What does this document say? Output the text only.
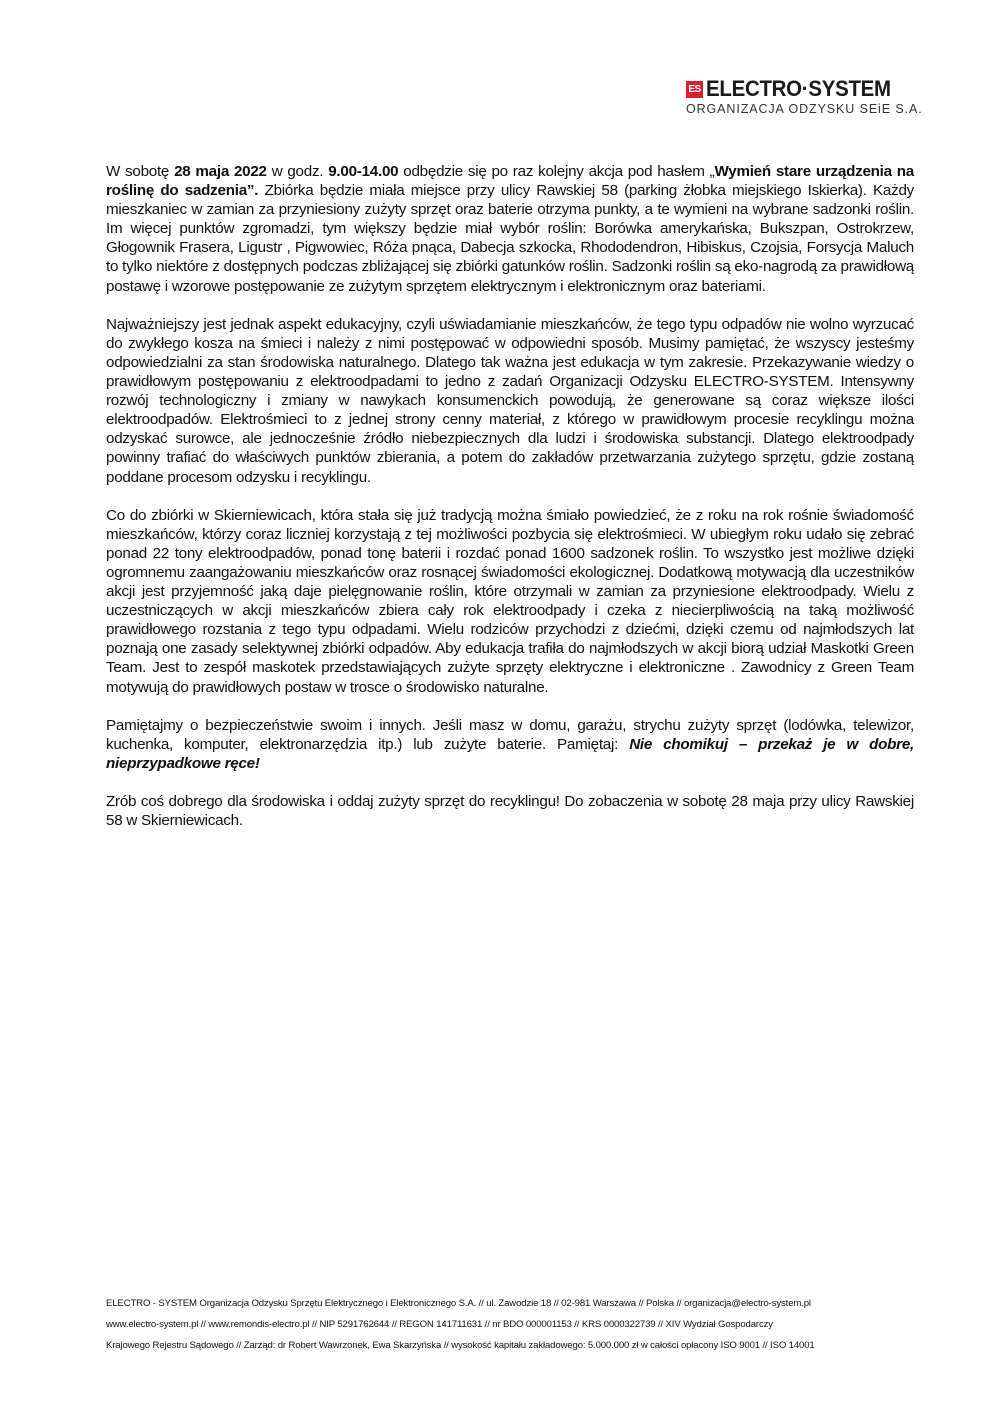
ES ELECTRO·SYSTEM
ORGANIZACJA ODZYSKU SEiE S.A.

W sobotę 28 maja 2022 w godz. 9.00-14.00 odbędzie się po raz kolejny akcja pod hasłem „Wymień stare urządzenia na roślinę do sadzenia”. Zbiórka będzie miała miejsce przy ulicy Rawskiej 58 (parking żłobka miejskiego Iskierka). Każdy mieszkaniec w zamian za przyniesiony zużyty sprzęt oraz baterie otrzyma punkty, a te wymieni na wybrane sadzonki roślin. Im więcej punktów zgromadzi, tym większy będzie miał wybór roślin: Borówka amerykańska, Bukszpan, Ostrokrzew, Głogownik Frasera, Ligustr , Pigwowiec, Róża pnąca, Dabecja szkocka, Rhododendron, Hibiskus, Czojsia, Forsycja Maluch to tylko niektóre z dostępnych podczas zbliżającej się zbiórki gatunków roślin. Sadzonki roślin są eko-nagrodą za prawidłową postawę i wzorowe postępowanie ze zużytym sprzętem elektrycznym i elektronicznym oraz bateriami.

Najważniejszy jest jednak aspekt edukacyjny, czyli uświadamianie mieszkańców, że tego typu odpadów nie wolno wyrzucać do zwykłego kosza na śmieci i należy z nimi postępować w odpowiedni sposób. Musimy pamiętać, że wszyscy jesteśmy odpowiedzialni za stan środowiska naturalnego. Dlatego tak ważna jest edukacja w tym zakresie. Przekazywanie wiedzy o prawidłowym postępowaniu z elektroodpadami to jedno z zadań Organizacji Odzysku ELECTRO-SYSTEM. Intensywny rozwój technologiczny i zmiany w nawykach konsumenckich powodują, że generowane są coraz większe ilości elektroodpadów. Elektrośmieci to z jednej strony cenny materiał, z którego w prawidłowym procesie recyklingu można odzyskać surowce, ale jednocześnie źródło niebezpiecznych dla ludzi i środowiska substancji. Dlatego elektroodpady powinny trafiać do właściwych punktów zbierania, a potem do zakładów przetwarzania zużytego sprzętu, gdzie zostaną poddane procesom odzysku i recyklingu.

Co do zbiórki w Skierniewicach, która stała się już tradycją można śmiało powiedzieć, że z roku na rok rośnie świadomość mieszkańców, którzy coraz liczniej korzystają z tej możliwości pozbycia się elektrośmieci. W ubiegłym roku udało się zebrać ponad 22 tony elektroodpadów, ponad tonę baterii i rozdać ponad 1600 sadzonek roślin. To wszystko jest możliwe dzięki ogromnemu zaangażowaniu mieszkańców oraz rosnącej świadomości ekologicznej. Dodatkową motywacją dla uczestników akcji jest przyjemność jaką daje pielęgnowanie roślin, które otrzymali w zamian za przyniesione elektroodpady. Wielu z uczestniczących w akcji mieszkańców zbiera cały rok elektroodpady i czeka z niecierpliwością na taką możliwość prawidłowego rozstania z tego typu odpadami. Wielu rodziców przychodzi z dziećmi, dzięki czemu od najmłodszych lat poznają one zasady selektywnej zbiórki odpadów. Aby edukacja trafiła do najmłodszych w akcji biorą udział Maskotki Green Team. Jest to zespół maskotek przedstawiających zużyte sprzęty elektryczne i elektroniczne . Zawodnicy z Green Team motywują do prawidłowych postaw w trosce o środowisko naturalne.

Pamiętajmy o bezpieczeństwie swoim i innych. Jeśli masz w domu, garażu, strychu zużyty sprzęt (lodówka, telewizor, kuchenka, komputer, elektronarzędzia itp.) lub zużyte baterie. Pamiętaj: Nie chomikuj – przekaż je w dobre, nieprzypadkowe ręce!

Zrób coś dobrego dla środowiska i oddaj zużyty sprzęt do recyklingu! Do zobaczenia w sobotę 28 maja przy ulicy Rawskiej 58 w Skierniewicach.

ELECTRO - SYSTEM Organizacja Odzysku Sprzętu Elektrycznego i Elektronicznego S.A. // ul. Zawodzie 18 // 02-981 Warszawa // Polska // organizacja@electro-system.pl
www.electro-system.pl // www.remondis-electro.pl // NIP 5291762644 // REGON 141711631 // nr BDO 000001153 // KRS 0000322739 // XIV Wydział Gospodarczy
Krajowego Rejestru Sądowego // Zarząd: dr Robert Wawrzonek, Ewa Skarzyńska // wysokość kapitału zakładowego: 5.000.000 zł w całości opłacony ISO 9001 // ISO 14001
